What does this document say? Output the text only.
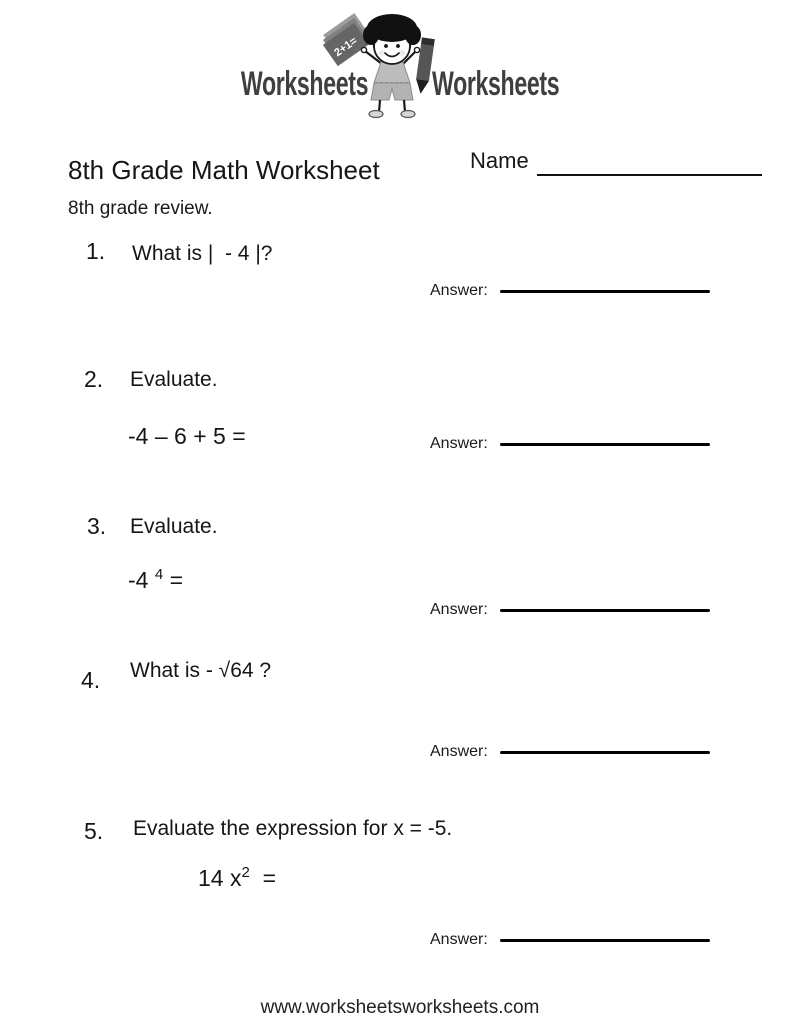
Worksheets
2+1=
Worksheets
8th Grade Math Worksheet	Name
8th grade review.
1. What is |  - 4 |?
Answer:
2. Evaluate.
-4 – 6 + 5 =	Answer:
3. Evaluate.
-4 $^4$ =
Answer:
4. What is - √64 ?
Answer:
5. Evaluate the expression for x = -5.
14 $x^2$  =
Answer:
www.worksheetsworksheets.com
